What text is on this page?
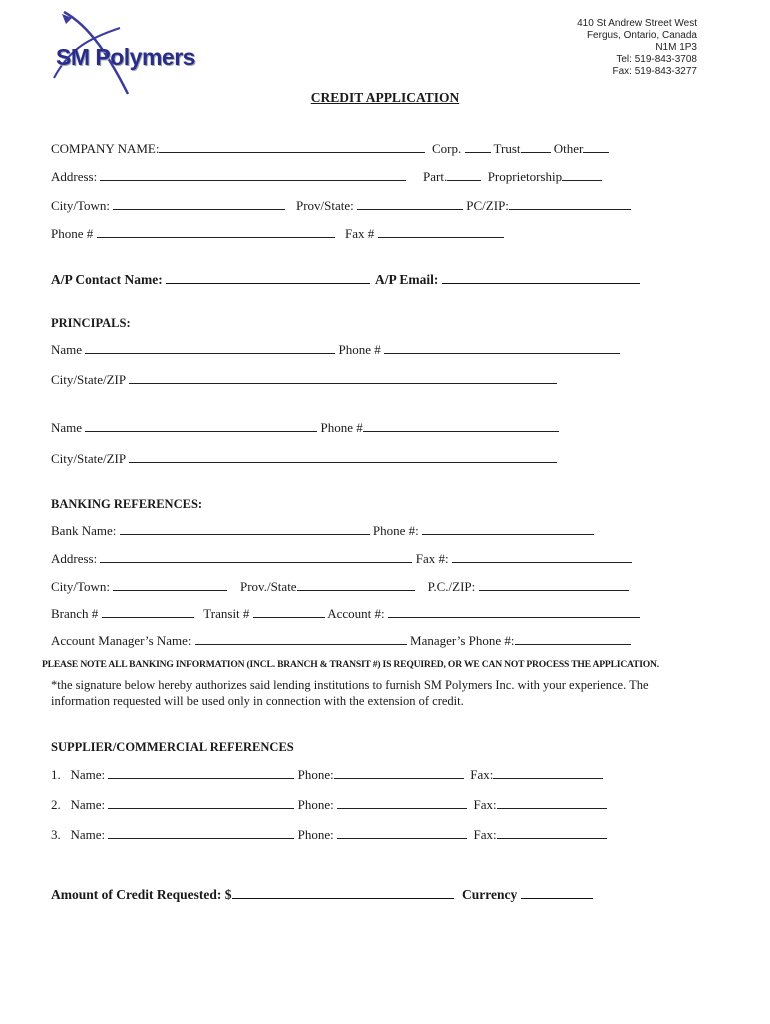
SM Polymers
410 St Andrew Street West
Fergus, Ontario, Canada
N1M 1P3
Tel: 519-843-3708
Fax: 519-843-3277
CREDIT APPLICATION
COMPANY NAME:	Corp. Trust	Other
Address:	Part.	Proprietorship
City/Town:	Prov/State:	PC/ZIP:
Phone #	Fax #
A/P Contact Name:	A/P Email:
PRINCIPALS:
Name	Phone #
City/State/ZIP
Name	Phone #
City/State/ZIP
BANKING REFERENCES:
Bank Name:	Phone #:
Address:	Fax #:
City/Town:	Prov./State	P.C./ZIP:
Branch #	Transit #	Account #:
Account Manager’s Name:	Manager’s Phone #:
PLEASE NOTE ALL BANKING INFORMATION (INCL. BRANCH & TRANSIT #) IS REQUIRED, OR WE CAN NOT PROCESS THE APPLICATION.
*the signature below hereby authorizes said lending institutions to furnish SM Polymers Inc. with your experience. The information requested will be used only in connection with the extension of credit.
SUPPLIER/COMMERCIAL REFERENCES
1. Name:	Phone:	Fax:
2. Name:	Phone:	Fax:
3. Name:	Phone:	Fax:
Amount of Credit Requested: $	Currency
